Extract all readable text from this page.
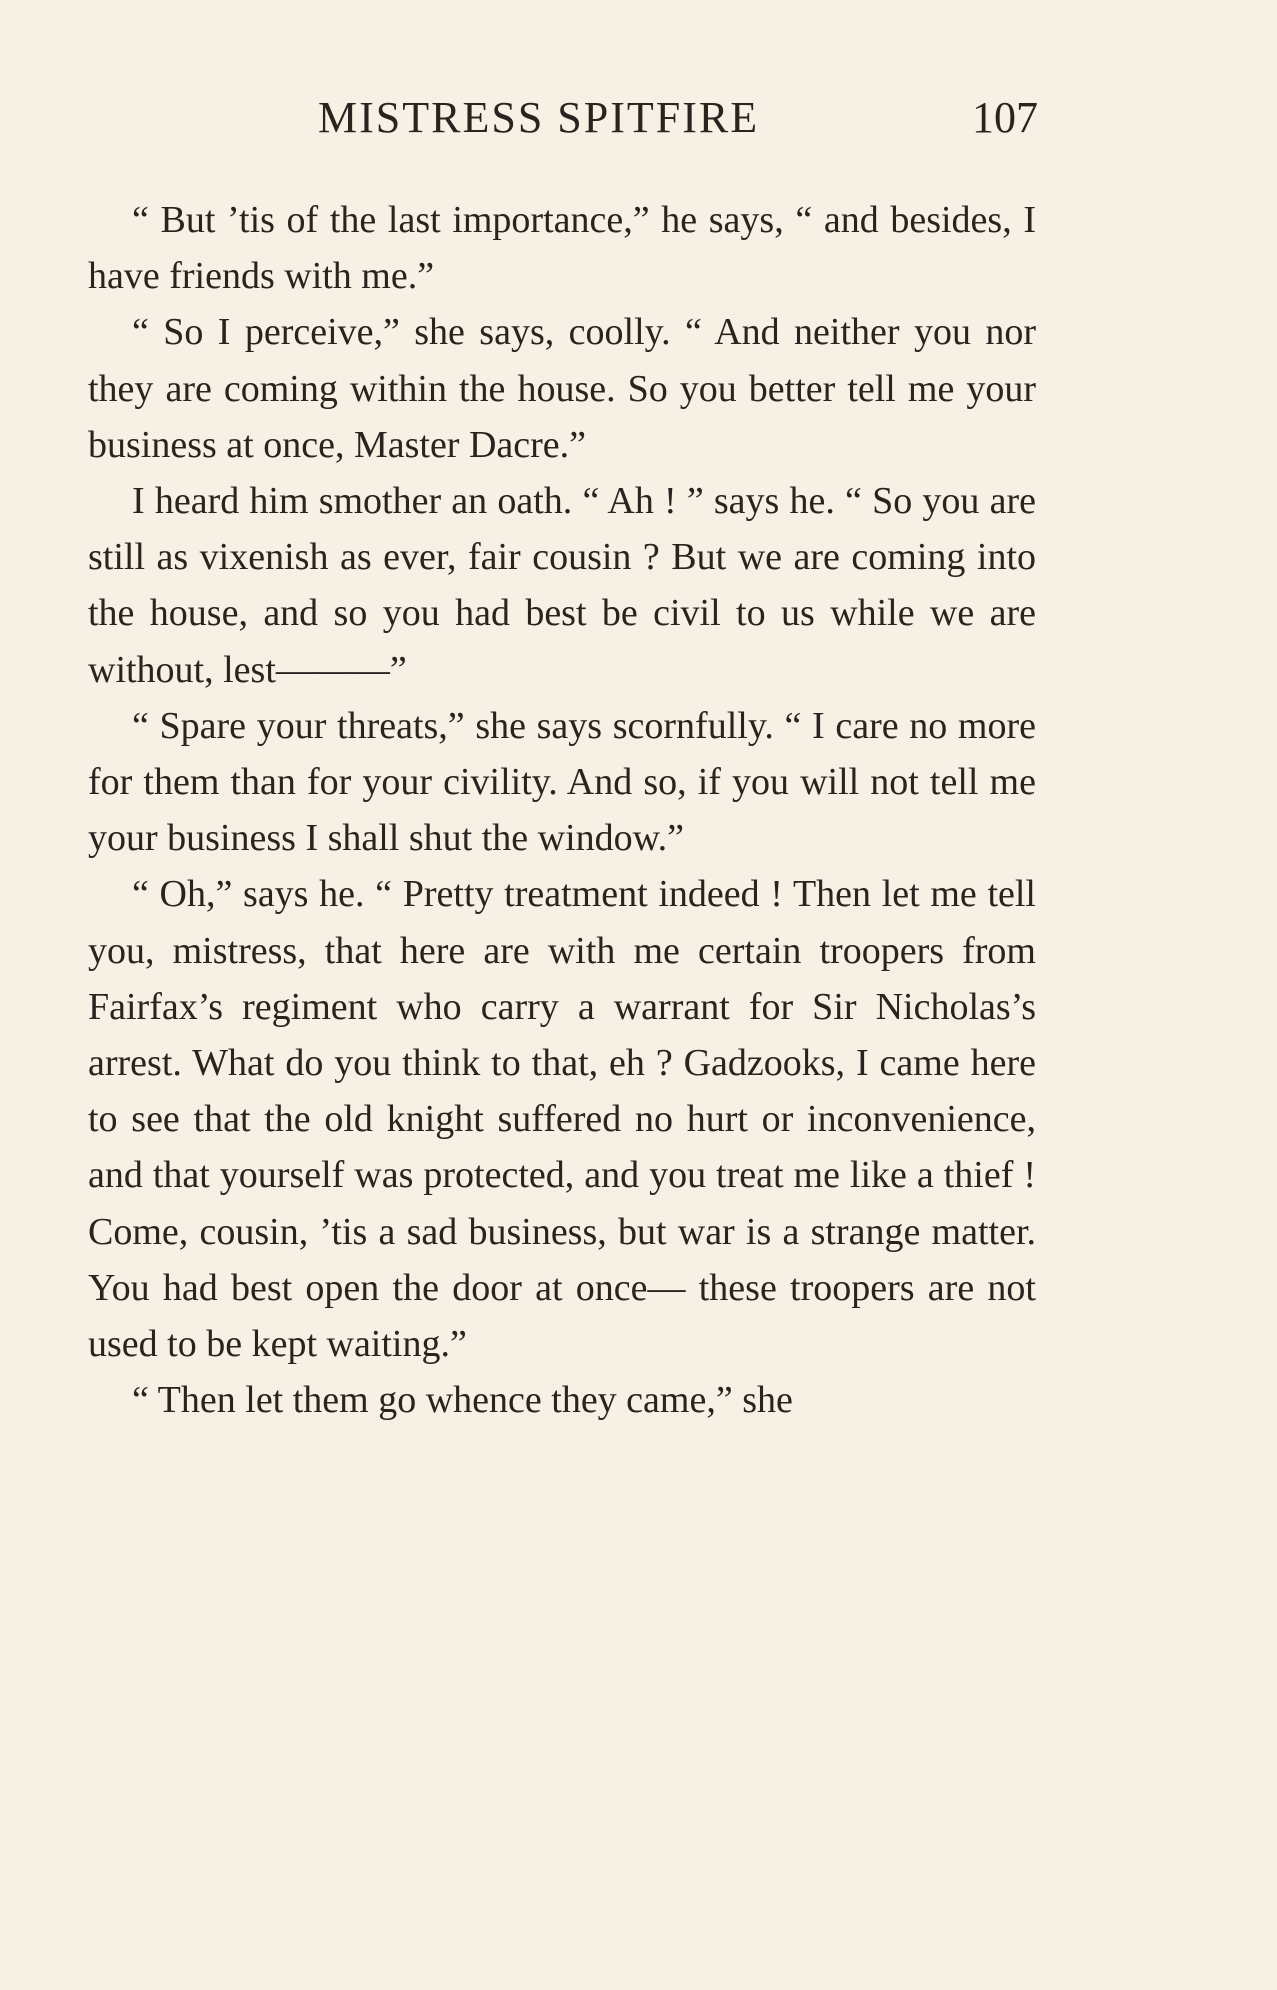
MISTRESS SPITFIRE	107

“ But ’tis of the last importance,” he says, “ and besides, I have friends with me.”

“ So I perceive,” she says, coolly. “ And neither you nor they are coming within the house. So you better tell me your business at once, Master Dacre.”

I heard him smother an oath. “ Ah ! ” says he. “ So you are still as vixenish as ever, fair cousin ? But we are coming into the house, and so you had best be civil to us while we are without, lest———”

“ Spare your threats,” she says scornfully. “ I care no more for them than for your civility. And so, if you will not tell me your business I shall shut the window.”

“ Oh,” says he. “ Pretty treatment indeed ! Then let me tell you, mistress, that here are with me certain troopers from Fairfax’s regiment who carry a warrant for Sir Nicholas’s arrest. What do you think to that, eh ? Gadzooks, I came here to see that the old knight suffered no hurt or inconvenience, and that yourself was protected, and you treat me like a thief ! Come, cousin, ’tis a sad business, but war is a strange matter. You had best open the door at once— these troopers are not used to be kept waiting.”

“ Then let them go whence they came,” she
